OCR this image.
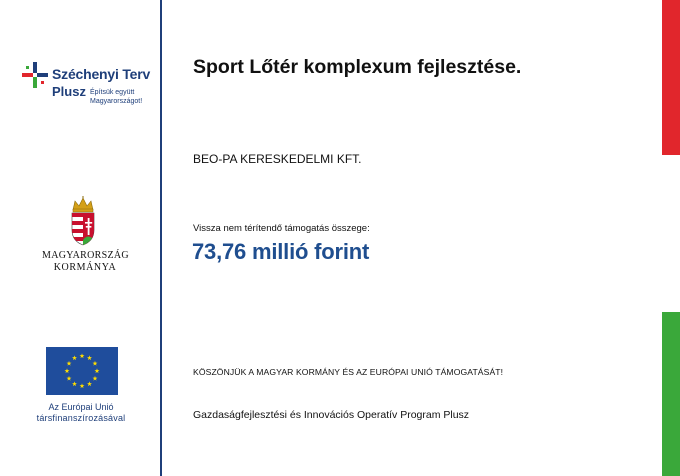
Széchenyi Terv
Plusz Építsük együtt
Magyarországot!
MAGYARORSZÁG
KORMÁNYA
Az Európai Unió
társfinanszírozásával
Sport Lőtér komplexum fejlesztése.
BEO-PA KERESKEDELMI KFT.
Vissza nem térítendő támogatás összege:
73,76 millió forint
KÖSZÖNJÜK A MAGYAR KORMÁNY ÉS AZ EURÓPAI UNIÓ TÁMOGATÁSÁT!
Gazdaságfejlesztési és Innovációs Operatív Program Plusz
